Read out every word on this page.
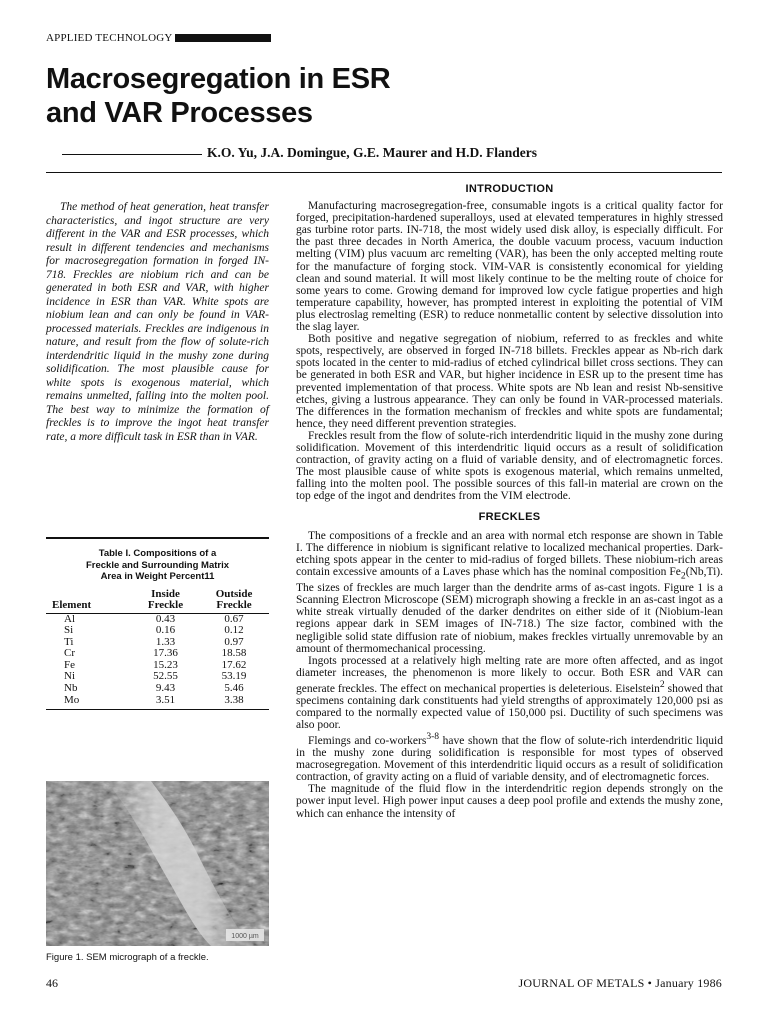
APPLIED TECHNOLOGY
Macrosegregation in ESR
and VAR Processes
K.O. Yu, J.A. Domingue, G.E. Maurer and H.D. Flanders
The method of heat generation, heat transfer characteristics, and ingot structure are very different in the VAR and ESR processes, which result in different tendencies and mechanisms for macrosegregation formation in forged IN-718. Freckles are niobium rich and can be generated in both ESR and VAR, with higher incidence in ESR than VAR. White spots are niobium lean and can only be found in VAR-processed materials. Freckles are indigenous in nature, and result from the flow of solute-rich interdendritic liquid in the mushy zone during solidification. The most plausible cause for white spots is exogenous material, which remains unmelted, falling into the molten pool. The best way to minimize the formation of freckles is to improve the ingot heat transfer rate, a more difficult task in ESR than in VAR.
Table I. Compositions of a
Freckle and Surrounding Matrix
Area in Weight Percent11
	Inside	Outside
Element	Freckle	Freckle
Al	0.43	0.67
Si	0.16	0.12
Ti	1.33	0.97
Cr	17.36	18.58
Fe	15.23	17.62
Ni	52.55	53.19
Nb	9.43	5.46
Mo	3.51	3.38
1000 µm
Figure 1. SEM micrograph of a freckle.
INTRODUCTION

Manufacturing macrosegregation-free, consumable ingots is a critical quality factor for forged, precipitation-hardened superalloys, used at elevated temperatures in highly stressed gas turbine rotor parts. IN-718, the most widely used disk alloy, is especially difficult. For the past three decades in North America, the double vacuum process, vacuum induction melting (VIM) plus vacuum arc remelting (VAR), has been the only accepted melting route for the manufacture of forging stock. VIM-VAR is consistently economical for yielding clean and sound material. It will most likely continue to be the melting route of choice for some years to come. Growing demand for improved low cycle fatigue properties and high temperature capability, however, has prompted interest in exploiting the potential of VIM plus electroslag remelting (ESR) to reduce nonmetallic content by selective dissolution into the slag layer.

Both positive and negative segregation of niobium, referred to as freckles and white spots, respectively, are observed in forged IN-718 billets. Freckles appear as Nb-rich dark spots located in the center to mid-radius of etched cylindrical billet cross sections. They can be generated in both ESR and VAR, but higher incidence in ESR up to the present time has prevented implementation of that process. White spots are Nb lean and resist Nb-sensitive etches, giving a lustrous appearance. They can only be found in VAR-processed materials. The differences in the formation mechanism of freckles and white spots are fundamental; hence, they need different prevention strategies.

Freckles result from the flow of solute-rich interdendritic liquid in the mushy zone during solidification. Movement of this interdendritic liquid occurs as a result of solidification contraction, of gravity acting on a fluid of variable density, and of electromagnetic forces. The most plausible cause of white spots is exogenous material, which remains unmelted, falling into the molten pool. The possible sources of this fall-in material are crown on the top edge of the ingot and dendrites from the VIM electrode.

FRECKLES

The compositions of a freckle and an area with normal etch response are shown in Table I. The difference in niobium is significant relative to localized mechanical properties. Dark-etching spots appear in the center to mid-radius of forged billets. These niobium-rich areas contain excessive amounts of a Laves phase which has the nominal composition $Fe_2(Nb,Ti)$. The sizes of freckles are much larger than the dendrite arms of as-cast ingots. Figure 1 is a Scanning Electron Microscope (SEM) micrograph showing a freckle in an as-cast ingot as a white streak virtually denuded of the darker dendrites on either side of it (Niobium-lean regions appear dark in SEM images of IN-718.) The size factor, combined with the negligible solid state diffusion rate of niobium, makes freckles virtually unremovable by an amount of thermomechanical processing.

Ingots processed at a relatively high melting rate are more often affected, and as ingot diameter increases, the phenomenon is more likely to occur. Both ESR and VAR can generate freckles. The effect on mechanical properties is deleterious. Eiselstein$^2$ showed that specimens containing dark constituents had yield strengths of approximately 120,000 psi as compared to the normally expected value of 150,000 psi. Ductility of such specimens was also poor.

Flemings and co-workers$^{3-8}$ have shown that the flow of solute-rich interdendritic liquid in the mushy zone during solidification is responsible for most types of observed macrosegregation. Movement of this interdendritic liquid occurs as a result of solidification contraction, of gravity acting on a fluid of variable density, and of electromagnetic forces.

The magnitude of the fluid flow in the interdendritic region depends strongly on the power input level. High power input causes a deep pool profile and extends the mushy zone, which can enhance the intensity of

46	JOURNAL OF METALS • January 1986
